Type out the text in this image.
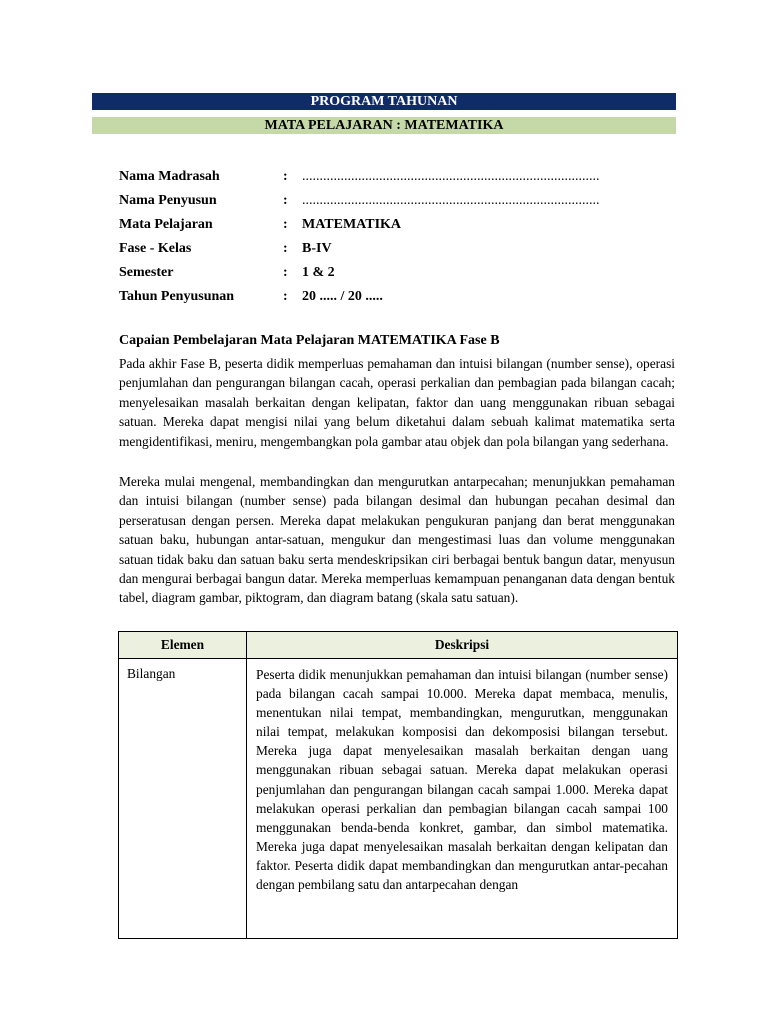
PROGRAM TAHUNAN
MATA PELAJARAN : MATEMATIKA
Nama Madrasah	:	.....................................................................................
Nama Penyusun	:	.....................................................................................
Mata Pelajaran	:	MATEMATIKA
Fase - Kelas	:	B-IV
Semester	:	1 & 2
Tahun Penyusunan	:	20 ..... / 20 .....
Capaian Pembelajaran Mata Pelajaran MATEMATIKA Fase B

Pada akhir Fase B, peserta didik memperluas pemahaman dan intuisi bilangan (number sense), operasi penjumlahan dan pengurangan bilangan cacah, operasi perkalian dan pembagian pada bilangan cacah; menyelesaikan masalah berkaitan dengan kelipatan, faktor dan uang menggunakan ribuan sebagai satuan. Mereka dapat mengisi nilai yang belum diketahui dalam sebuah kalimat matematika serta mengidentifikasi, meniru, mengembangkan pola gambar atau objek dan pola bilangan yang sederhana.

Mereka mulai mengenal, membandingkan dan mengurutkan antarpecahan; menunjukkan pemahaman dan intuisi bilangan (number sense) pada bilangan desimal dan hubungan pecahan desimal dan perseratusan dengan persen. Mereka dapat melakukan pengukuran panjang dan berat menggunakan satuan baku, hubungan antar-satuan, mengukur dan mengestimasi luas dan volume menggunakan satuan tidak baku dan satuan baku serta mendeskripsikan ciri berbagai bentuk bangun datar, menyusun dan mengurai berbagai bangun datar. Mereka memperluas kemampuan penanganan data dengan bentuk tabel, diagram gambar, piktogram, dan diagram batang (skala satu satuan).

Elemen	Deskripsi
Bilangan	Peserta didik menunjukkan pemahaman dan intuisi bilangan (number sense) pada bilangan cacah sampai 10.000. Mereka dapat membaca, menulis, menentukan nilai tempat, membandingkan, mengurutkan, menggunakan nilai tempat, melakukan komposisi dan dekomposisi bilangan tersebut. Mereka juga dapat menyelesaikan masalah berkaitan dengan uang menggunakan ribuan sebagai satuan. Mereka dapat melakukan operasi penjumlahan dan pengurangan bilangan cacah sampai 1.000. Mereka dapat melakukan operasi perkalian dan pembagian bilangan cacah sampai 100 menggunakan benda-benda konkret, gambar, dan simbol matematika. Mereka juga dapat menyelesaikan masalah berkaitan dengan kelipatan dan faktor. Peserta didik dapat membandingkan dan mengurutkan antar-pecahan dengan pembilang satu dan antarpecahan dengan
